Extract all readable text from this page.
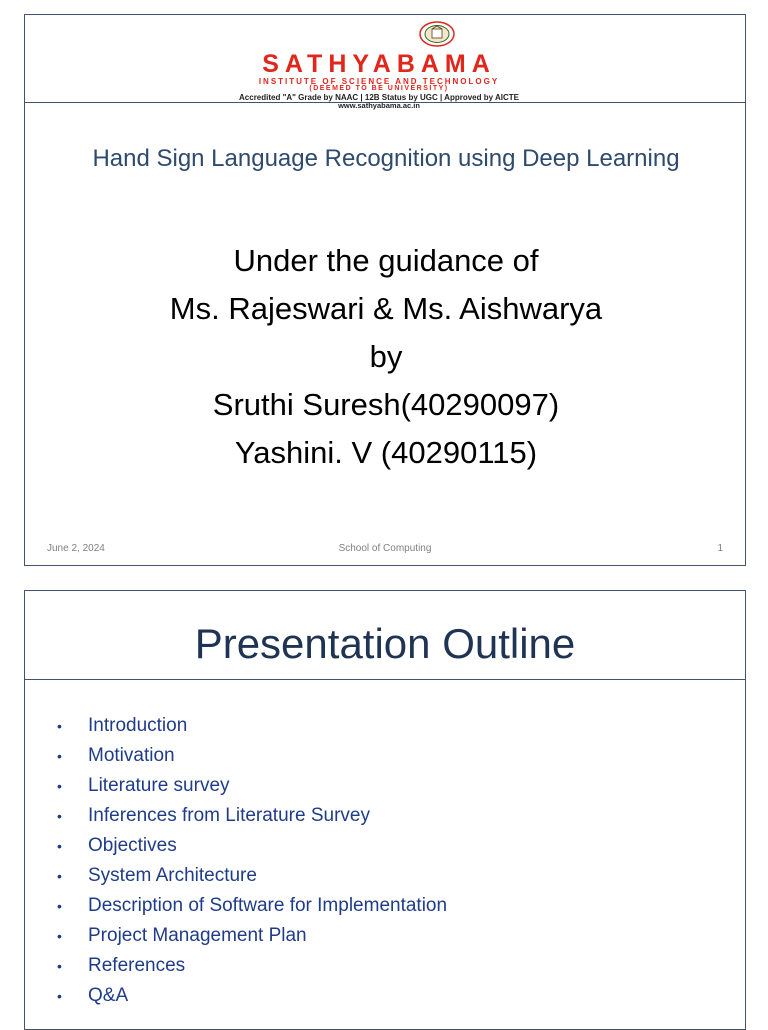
SATHYABAMA
INSTITUTE OF SCIENCE AND TECHNOLOGY
(DEEMED TO BE UNIVERSITY)
Accredited "A" Grade by NAAC | 12B Status by UGC | Approved by AICTE
www.sathyabama.ac.in
Hand Sign Language Recognition using Deep Learning
Under the guidance of
Ms. Rajeswari & Ms. Aishwarya
by
Sruthi Suresh(40290097)
Yashini. V (40290115)
June 2, 2024	School of Computing	1
Presentation Outline
• Introduction
• Motivation
• Literature survey
• Inferences from Literature Survey
• Objectives
• System Architecture
• Description of Software for Implementation
• Project Management Plan
• References
• Q&A
